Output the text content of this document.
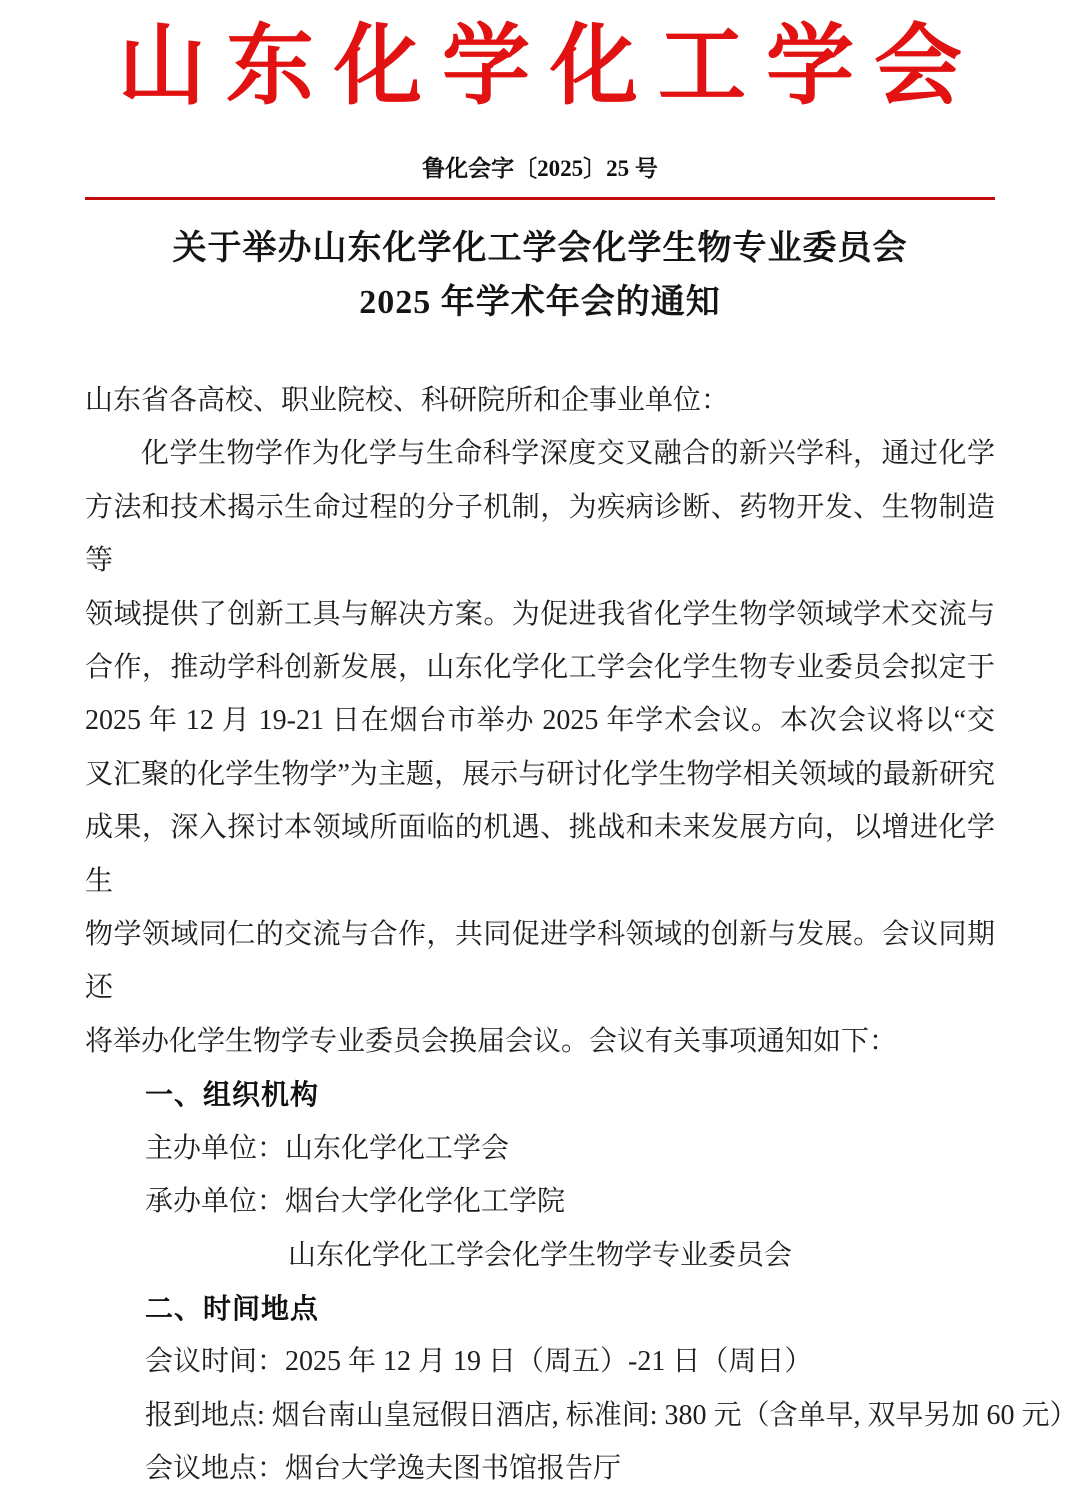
山东化学化工学会
鲁化会字〔2025〕25 号
关于举办山东化学化工学会化学生物专业委员会
2025 年学术年会的通知
山东省各高校、职业院校、科研院所和企事业单位：
化学生物学作为化学与生命科学深度交叉融合的新兴学科，通过化学
方法和技术揭示生命过程的分子机制，为疾病诊断、药物开发、生物制造等
领域提供了创新工具与解决方案。为促进我省化学生物学领域学术交流与
合作，推动学科创新发展，山东化学化工学会化学生物专业委员会拟定于
2025 年 12 月 19-21 日在烟台市举办 2025 年学术会议。本次会议将以“交
叉汇聚的化学生物学”为主题，展示与研讨化学生物学相关领域的最新研究
成果，深入探讨本领域所面临的机遇、挑战和未来发展方向，以增进化学生
物学领域同仁的交流与合作，共同促进学科领域的创新与发展。会议同期还
将举办化学生物学专业委员会换届会议。会议有关事项通知如下：
一、组织机构
主办单位：山东化学化工学会
承办单位：烟台大学化学化工学院
山东化学化工学会化学生物学专业委员会
二、时间地点
会议时间：2025 年 12 月 19 日（周五）-21 日（周日）
报到地点: 烟台南山皇冠假日酒店, 标准间: 380 元（含单早, 双早另加 60 元）
会议地点：烟台大学逸夫图书馆报告厅
